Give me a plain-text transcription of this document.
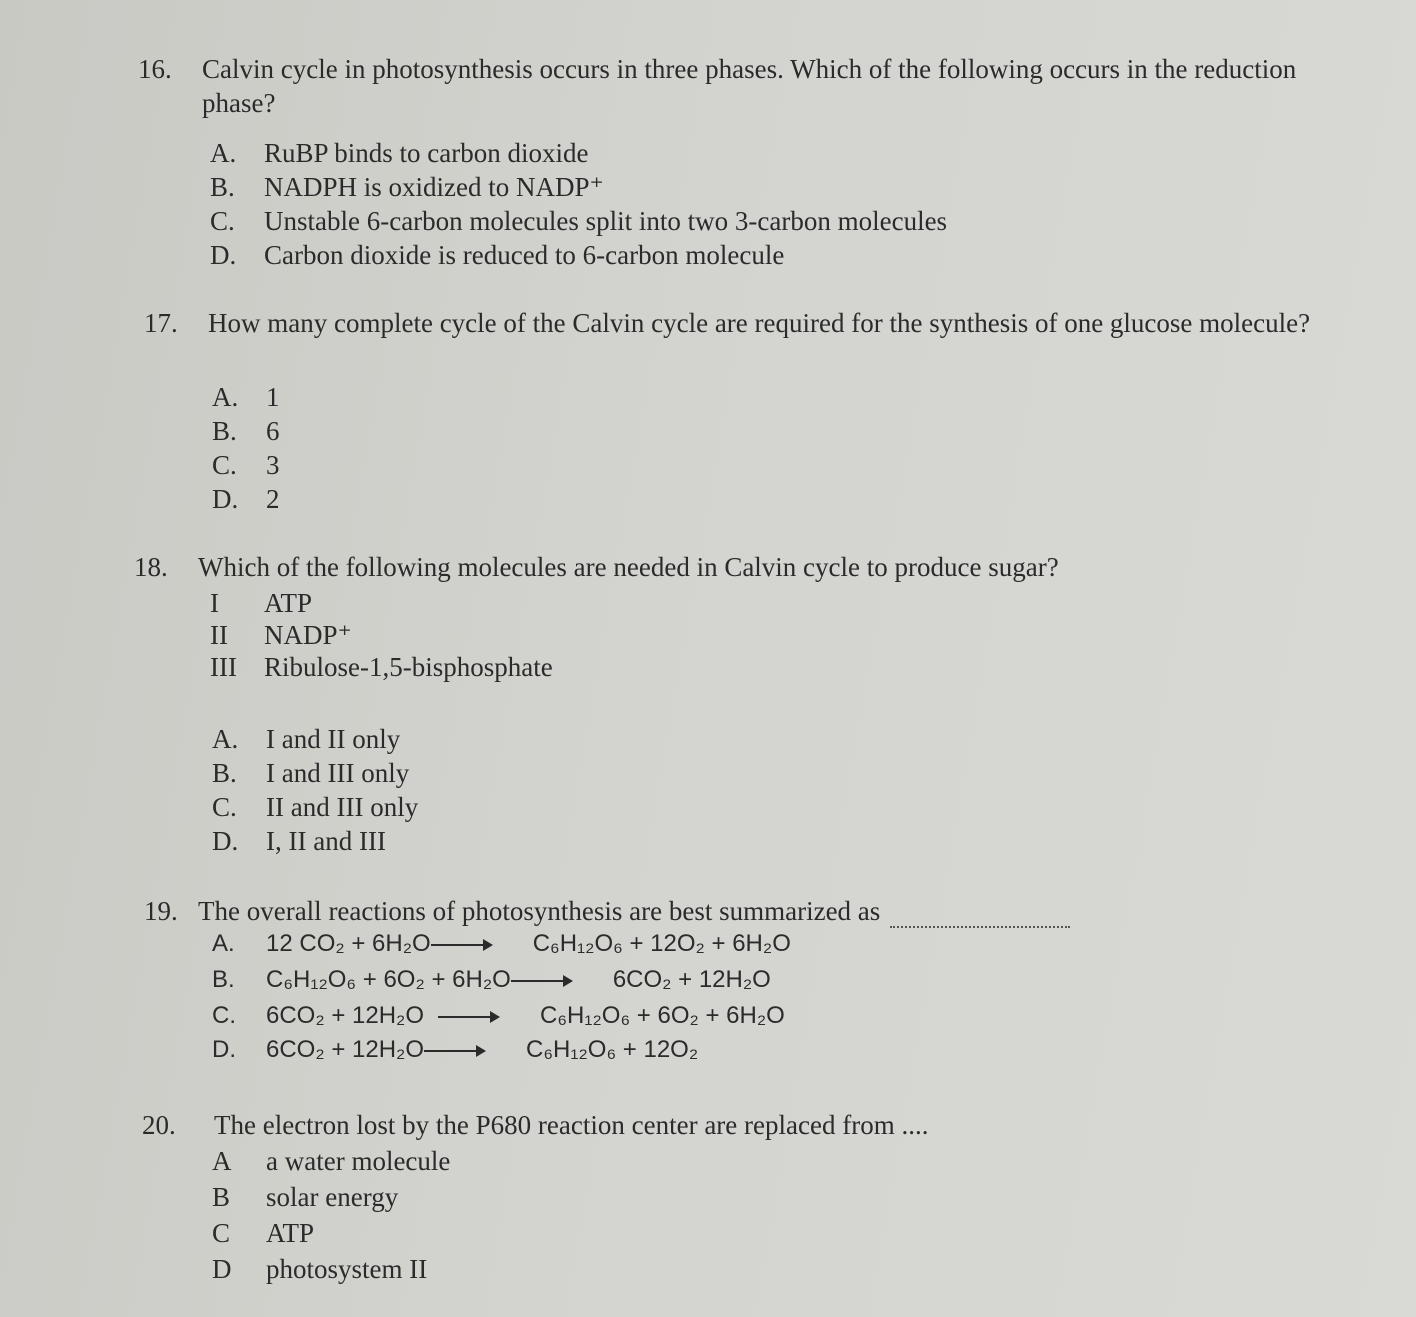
16. Calvin cycle in photosynthesis occurs in three phases. Which of the following occurs in the reduction phase?
A. RuBP binds to carbon dioxide
B. NADPH is oxidized to NADP⁺
C. Unstable 6-carbon molecules split into two 3-carbon molecules
D. Carbon dioxide is reduced to 6-carbon molecule
17. How many complete cycle of the Calvin cycle are required for the synthesis of one glucose molecule?
A. 1
B. 6
C. 3
D. 2
18. Which of the following molecules are needed in Calvin cycle to produce sugar?
I ATP
II NADP⁺
III Ribulose-1,5-bisphosphate
A. I and II only
B. I and III only
C. II and III only
D. I, II and III
19. The overall reactions of photosynthesis are best summarized as
A. 12 CO₂ + 6H₂O→ C₆H₁₂O₆ + 12O₂ + 6H₂O
B. C₆H₁₂O₆ + 6O₂ + 6H₂O→ 6CO₂ + 12H₂O
C. 6CO₂ + 12H₂O → C₆H₁₂O₆ + 6O₂ + 6H₂O
D. 6CO₂ + 12H₂O→ C₆H₁₂O₆ + 12O₂
20. The electron lost by the P680 reaction center are replaced from ....
A a water molecule
B solar energy
C ATP
D photosystem II
